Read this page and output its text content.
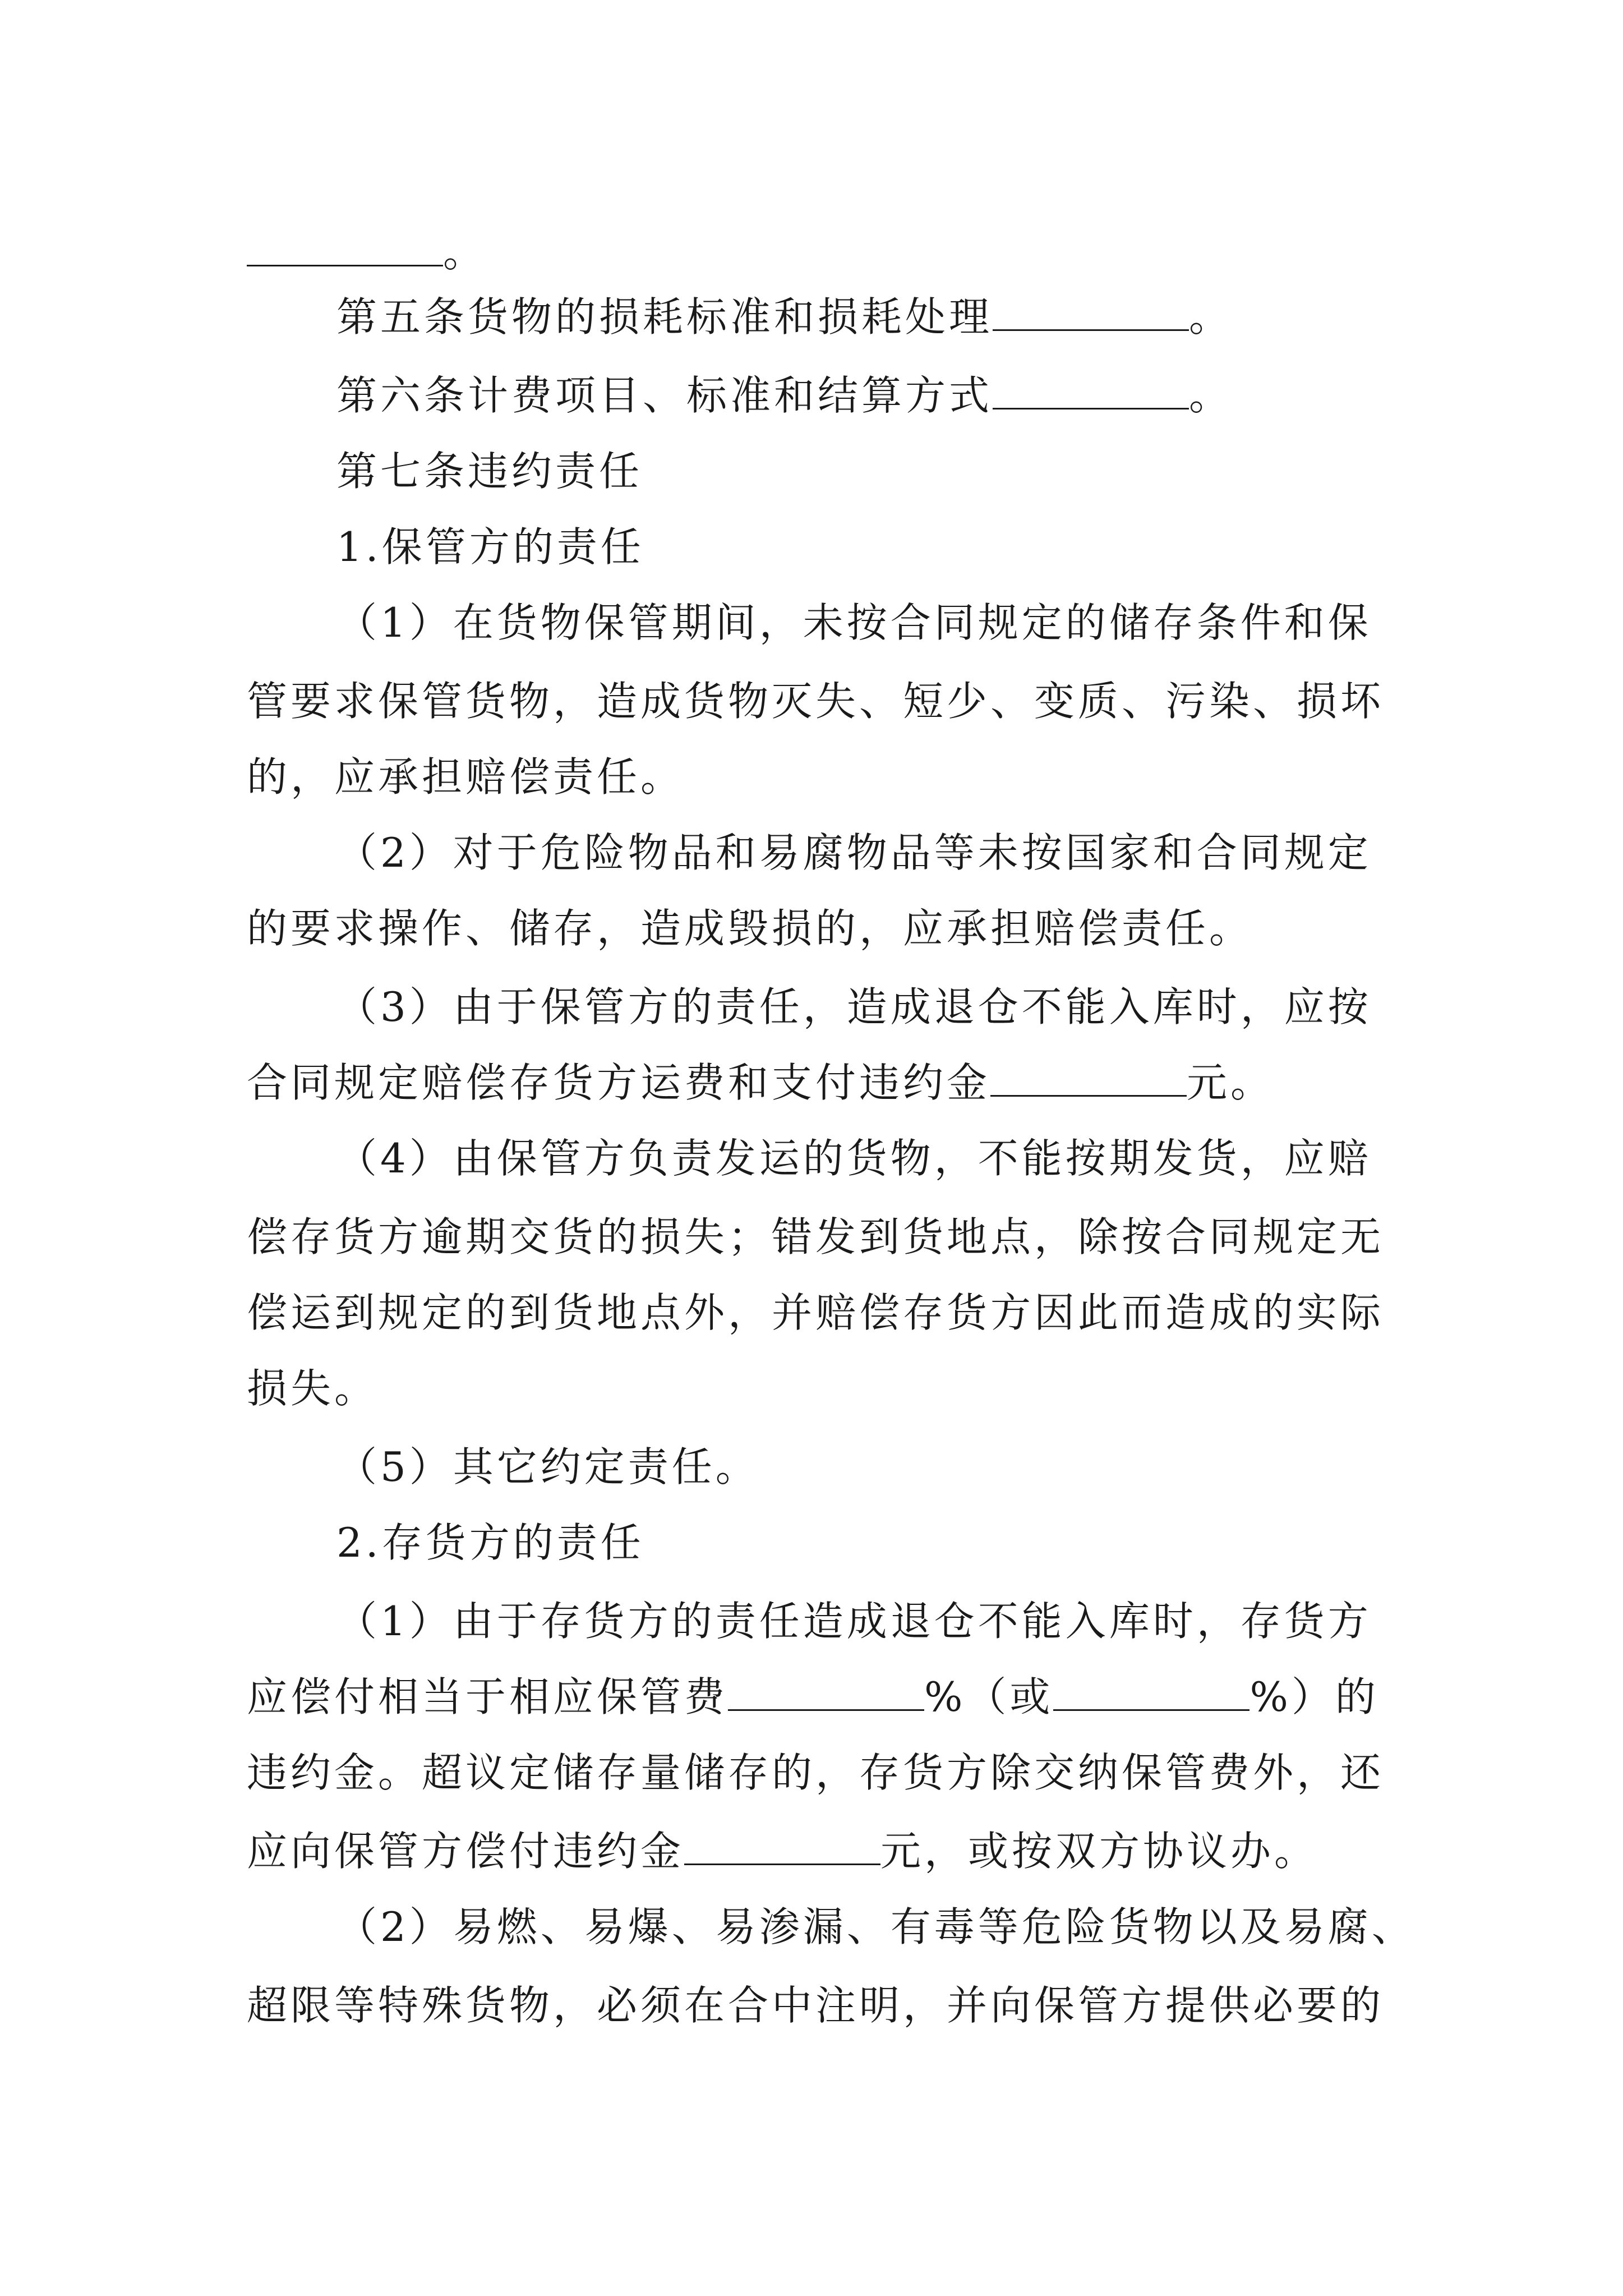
。
第五条货物的损耗标准和损耗处理	。
第六条计费项目、标准和结算方式	。
第七条违约责任
1.保管方的责任
（1）在货物保管期间，未按合同规定的储存条件和保
管要求保管货物，造成货物灭失、短少、变质、污染、损坏
的，应承担赔偿责任。
（2）对于危险物品和易腐物品等未按国家和合同规定
的要求操作、储存，造成毁损的，应承担赔偿责任。
（3）由于保管方的责任，造成退仓不能入库时，应按
合同规定赔偿存货方运费和支付违约金	元。
（4）由保管方负责发运的货物，不能按期发货，应赔
偿存货方逾期交货的损失；错发到货地点，除按合同规定无
偿运到规定的到货地点外，并赔偿存货方因此而造成的实际
损失。
（5）其它约定责任。
2.存货方的责任
（1）由于存货方的责任造成退仓不能入库时，存货方
应偿付相当于相应保管费	%（或	%）的
违约金。超议定储存量储存的，存货方除交纳保管费外，还
应向保管方偿付违约金	元，或按双方协议办。
（2）易燃、易爆、易渗漏、有毒等危险货物以及易腐、
超限等特殊货物，必须在合中注明，并向保管方提供必要的
